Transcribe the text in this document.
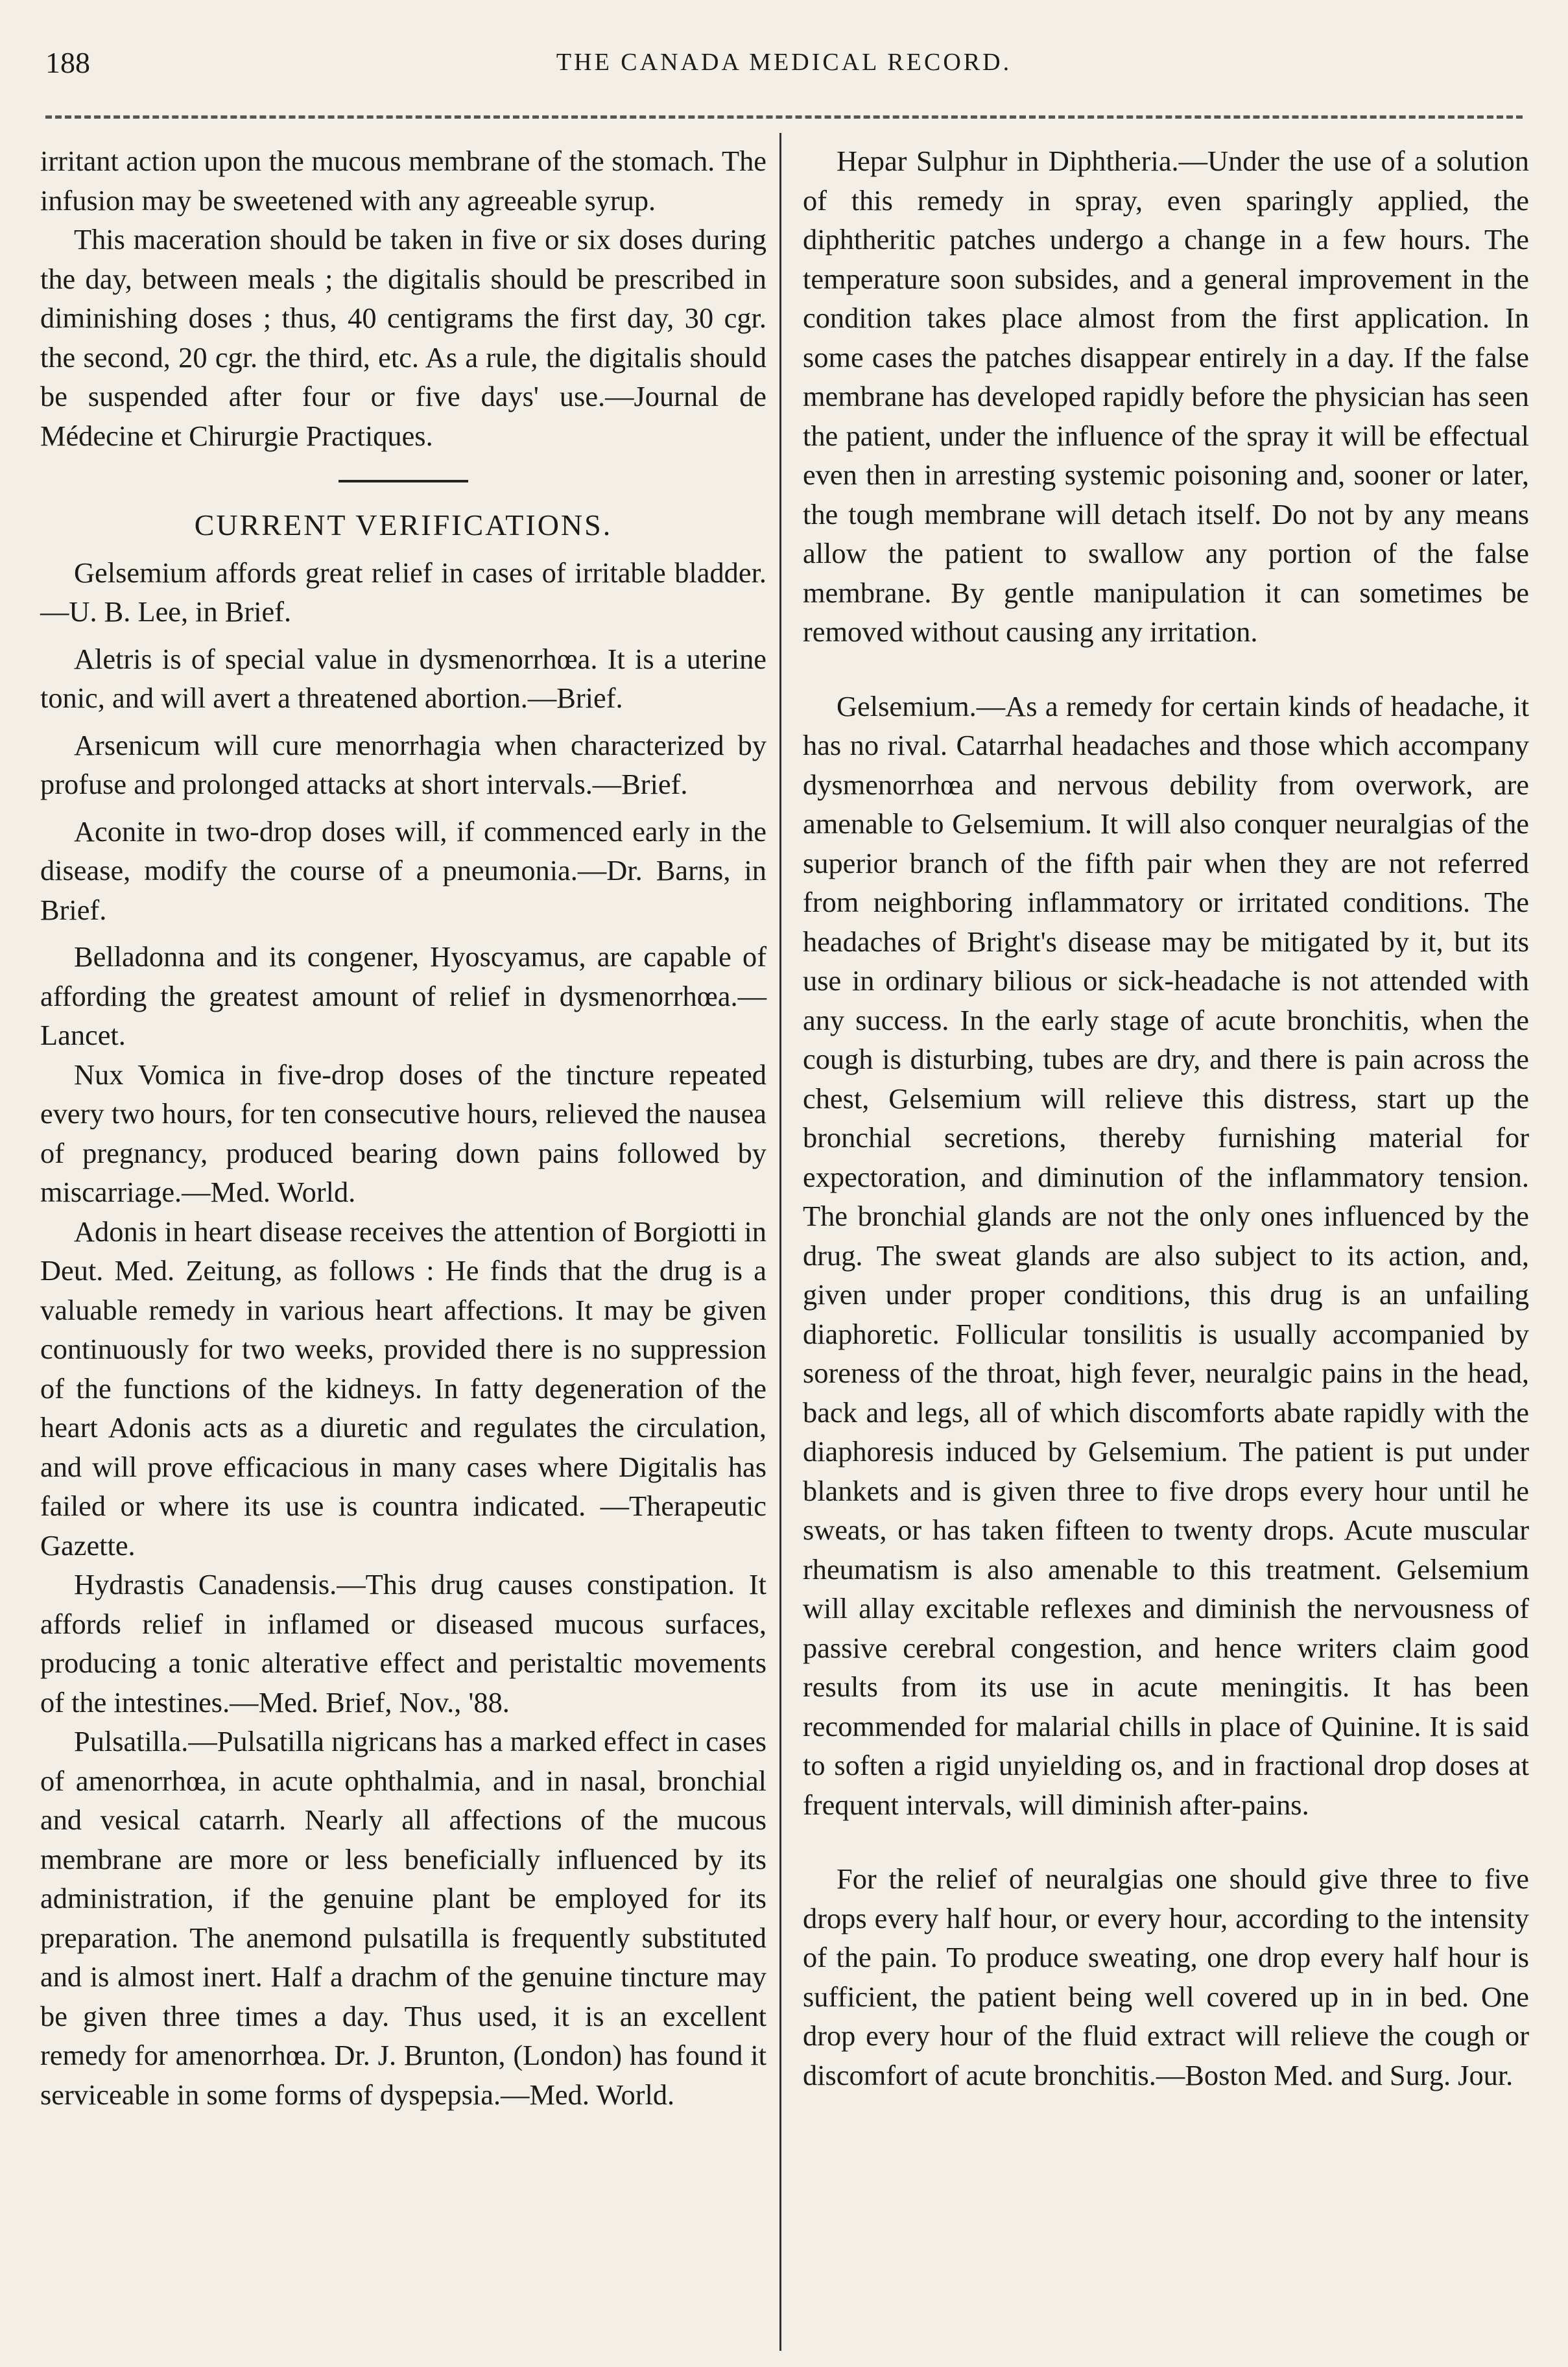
188	THE CANADA MEDICAL RECORD.

irritant action upon the mucous membrane of the stomach. The infusion may be sweetened with any agreeable syrup.

This maceration should be taken in five or six doses during the day, between meals ; the digitalis should be prescribed in diminishing doses ; thus, 40 centigrams the first day, 30 cgr. the second, 20 cgr. the third, etc. As a rule, the digitalis should be suspended after four or five days' use.—Journal de Médecine et Chirurgie Practiques.

CURRENT VERIFICATIONS.

Gelsemium affords great relief in cases of irritable bladder.—U. B. Lee, in Brief.

Aletris is of special value in dysmenorrhœa. It is a uterine tonic, and will avert a threatened abortion.—Brief.

Arsenicum will cure menorrhagia when characterized by profuse and prolonged attacks at short intervals.—Brief.

Aconite in two-drop doses will, if commenced early in the disease, modify the course of a pneumonia.—Dr. Barns, in Brief.

Belladonna and its congener, Hyoscyamus, are capable of affording the greatest amount of relief in dysmenorrhœa.—Lancet.

Nux Vomica in five-drop doses of the tincture repeated every two hours, for ten consecutive hours, relieved the nausea of pregnancy, produced bearing down pains followed by miscarriage.—Med. World.

Adonis in heart disease receives the attention of Borgiotti in Deut. Med. Zeitung, as follows : He finds that the drug is a valuable remedy in various heart affections. It may be given continuously for two weeks, provided there is no suppression of the functions of the kidneys. In fatty degeneration of the heart Adonis acts as a diuretic and regulates the circulation, and will prove efficacious in many cases where Digitalis has failed or where its use is countra indicated. —Therapeutic Gazette.

Hydrastis Canadensis.—This drug causes constipation. It affords relief in inflamed or diseased mucous surfaces, producing a tonic alterative effect and peristaltic movements of the intestines.—Med. Brief, Nov., '88.

Pulsatilla.—Pulsatilla nigricans has a marked effect in cases of amenorrhœa, in acute ophthalmia, and in nasal, bronchial and vesical catarrh. Nearly all affections of the mucous membrane are more or less beneficially influenced by its administration, if the genuine plant be employed for its preparation. The anemond pulsatilla is frequently substituted and is almost inert. Half a drachm of the genuine tincture may be given three times a day. Thus used, it is an excellent remedy for amenorrhœa. Dr. J. Brunton, (London) has found it serviceable in some forms of dyspepsia.—Med. World.

Hepar Sulphur in Diphtheria.—Under the use of a solution of this remedy in spray, even sparingly applied, the diphtheritic patches undergo a change in a few hours. The temperature soon subsides, and a general improvement in the condition takes place almost from the first application. In some cases the patches disappear entirely in a day. If the false membrane has developed rapidly before the physician has seen the patient, under the influence of the spray it will be effectual even then in arresting systemic poisoning and, sooner or later, the tough membrane will detach itself. Do not by any means allow the patient to swallow any portion of the false membrane. By gentle manipulation it can sometimes be removed without causing any irritation.

Gelsemium.—As a remedy for certain kinds of headache, it has no rival. Catarrhal headaches and those which accompany dysmenorrhœa and nervous debility from overwork, are amenable to Gelsemium. It will also conquer neuralgias of the superior branch of the fifth pair when they are not referred from neighboring inflammatory or irritated conditions. The headaches of Bright's disease may be mitigated by it, but its use in ordinary bilious or sick-headache is not attended with any success. In the early stage of acute bronchitis, when the cough is disturbing, tubes are dry, and there is pain across the chest, Gelsemium will relieve this distress, start up the bronchial secretions, thereby furnishing material for expectoration, and diminution of the inflammatory tension. The bronchial glands are not the only ones influenced by the drug. The sweat glands are also subject to its action, and, given under proper conditions, this drug is an unfailing diaphoretic. Follicular tonsilitis is usually accompanied by soreness of the throat, high fever, neuralgic pains in the head, back and legs, all of which discomforts abate rapidly with the diaphoresis induced by Gelsemium. The patient is put under blankets and is given three to five drops every hour until he sweats, or has taken fifteen to twenty drops. Acute muscular rheumatism is also amenable to this treatment. Gelsemium will allay excitable reflexes and diminish the nervousness of passive cerebral congestion, and hence writers claim good results from its use in acute meningitis. It has been recommended for malarial chills in place of Quinine. It is said to soften a rigid unyielding os, and in fractional drop doses at frequent intervals, will diminish after-pains.

For the relief of neuralgias one should give three to five drops every half hour, or every hour, according to the intensity of the pain. To produce sweating, one drop every half hour is sufficient, the patient being well covered up in in bed. One drop every hour of the fluid extract will relieve the cough or discomfort of acute bronchitis.—Boston Med. and Surg. Jour.
